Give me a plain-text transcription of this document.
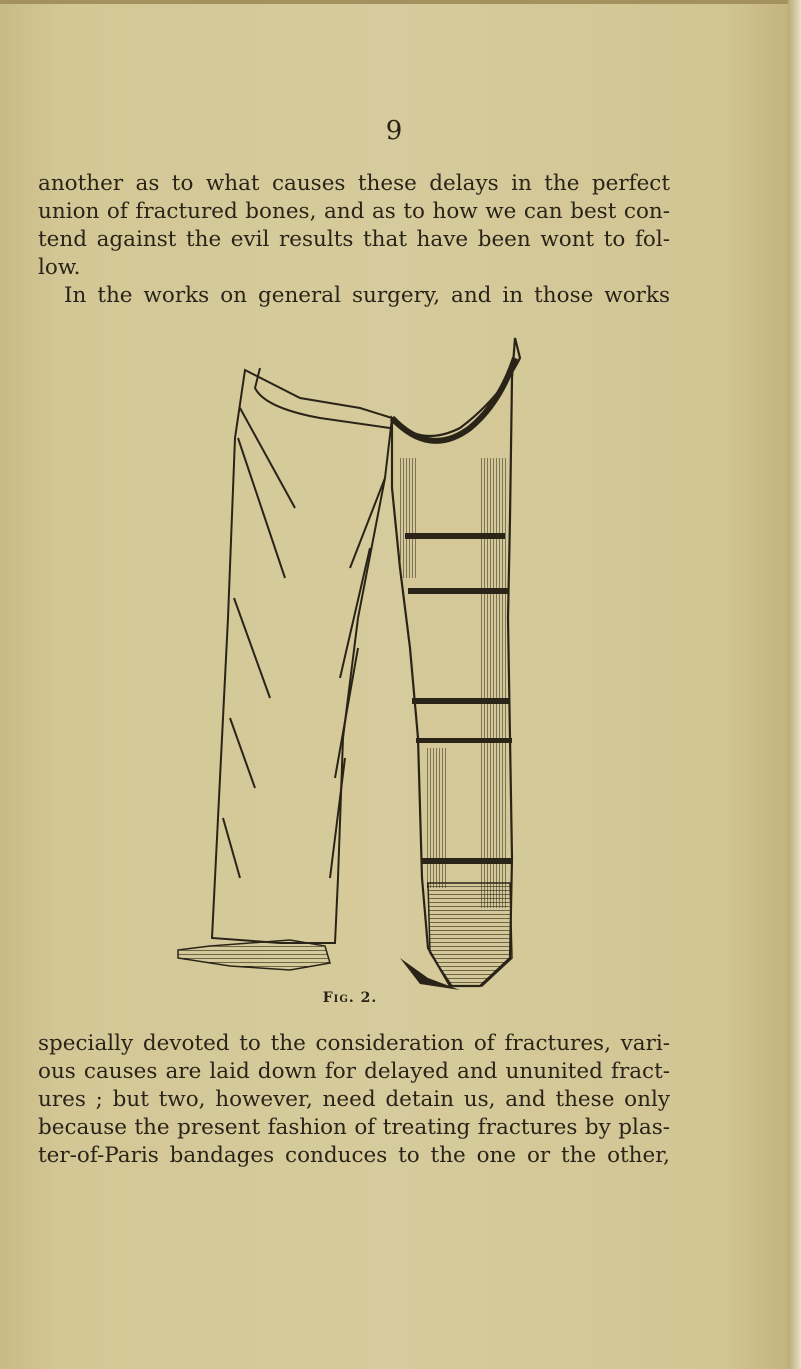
9
another as to what causes these delays in the perfect
union of fractured bones, and as to how we can best con-
tend against the evil results that have been wont to fol-
low.
In the works on general surgery, and in those works
Fig. 2.
specially devoted to the consideration of fractures, vari-
ous causes are laid down for delayed and ununited fract-
ures ; but two, however, need detain us, and these only
because the present fashion of treating fractures by plas-
ter-of-Paris bandages conduces to the one or the other,
